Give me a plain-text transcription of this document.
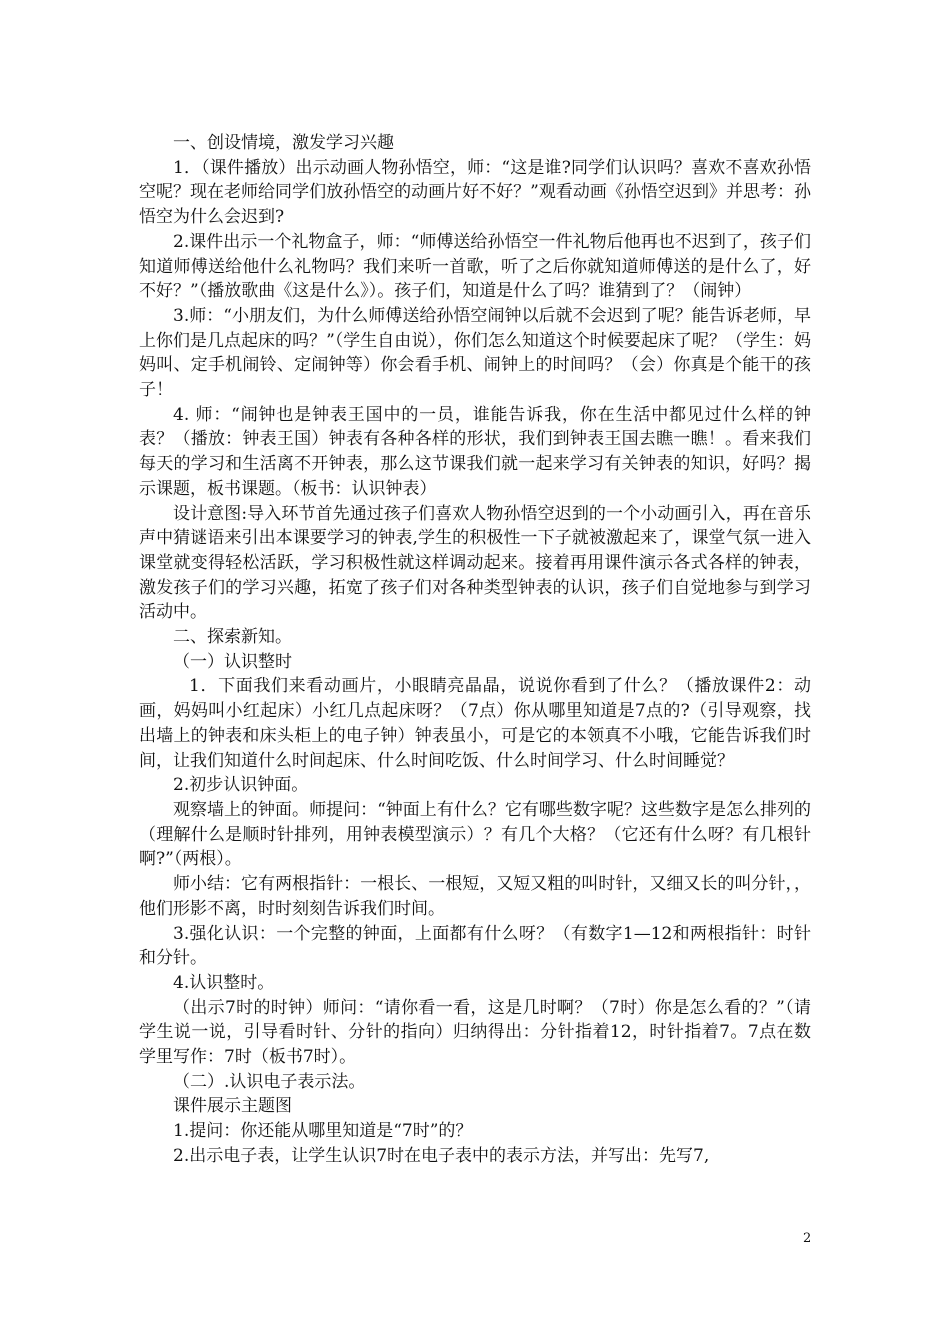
一、创设情境，激发学习兴趣

1．（课件播放）出示动画人物孙悟空，师：“这是谁?同学们认识吗？喜欢不喜欢孙悟空呢？现在老师给同学们放孙悟空的动画片好不好？”观看动画《孙悟空迟到》并思考：孙悟空为什么会迟到?

2.课件出示一个礼物盒子，师：“师傅送给孙悟空一件礼物后他再也不迟到了，孩子们知道师傅送给他什么礼物吗？我们来听一首歌，听了之后你就知道师傅送的是什么了，好不好？”（播放歌曲《这是什么》）。孩子们，知道是什么了吗？谁猜到了？（闹钟）

3.师：“小朋友们，为什么师傅送给孙悟空闹钟以后就不会迟到了呢？能告诉老师，早上你们是几点起床的吗？”（学生自由说），你们怎么知道这个时候要起床了呢？（学生：妈妈叫、定手机闹铃、定闹钟等）你会看手机、闹钟上的时间吗？（会）你真是个能干的孩子！

4. 师：“闹钟也是钟表王国中的一员，谁能告诉我，你在生活中都见过什么样的钟表？（播放：钟表王国）钟表有各种各样的形状，我们到钟表王国去瞧一瞧！。看来我们每天的学习和生活离不开钟表，那么这节课我们就一起来学习有关钟表的知识，好吗？揭示课题，板书课题。（板书：认识钟表）

设计意图:导入环节首先通过孩子们喜欢人物孙悟空迟到的一个小动画引入，再在音乐声中猜谜语来引出本课要学习的钟表,学生的积极性一下子就被激起来了，课堂气氛一进入课堂就变得轻松活跃，学习积极性就这样调动起来。接着再用课件演示各式各样的钟表，激发孩子们的学习兴趣，拓宽了孩子们对各种类型钟表的认识，孩子们自觉地参与到学习活动中。

二、探索新知。

（一）认识整时

1．下面我们来看动画片，小眼睛亮晶晶，说说你看到了什么？（播放课件2：动画，妈妈叫小红起床）小红几点起床呀？（7点）你从哪里知道是7点的?（引导观察，找出墙上的钟表和床头柜上的电子钟）钟表虽小，可是它的本领真不小哦，它能告诉我们时间，让我们知道什么时间起床、什么时间吃饭、什么时间学习、什么时间睡觉？

2.初步认识钟面。

观察墙上的钟面。师提问：“钟面上有什么？它有哪些数字呢？这些数字是怎么排列的（理解什么是顺时针排列，用钟表模型演示）？有几个大格？（它还有什么呀？有几根针啊?”（两根）。

师小结：它有两根指针：一根长、一根短，又短又粗的叫时针，又细又长的叫分针，，他们形影不离，时时刻刻告诉我们时间。

3.强化认识：一个完整的钟面，上面都有什么呀？（有数字1—12和两根指针：时针和分针。

4.认识整时。

（出示7时的时钟）师问：“请你看一看，这是几时啊？（7时）你是怎么看的？”（请学生说一说，引导看时针、分针的指向）归纳得出：分针指着12，时针指着7。7点在数学里写作：7时（板书7时）。

（二）.认识电子表示法。

课件展示主题图

1.提问：你还能从哪里知道是“7时”的？

2.出示电子表，让学生认识7时在电子表中的表示方法，并写出：先写7,

2
